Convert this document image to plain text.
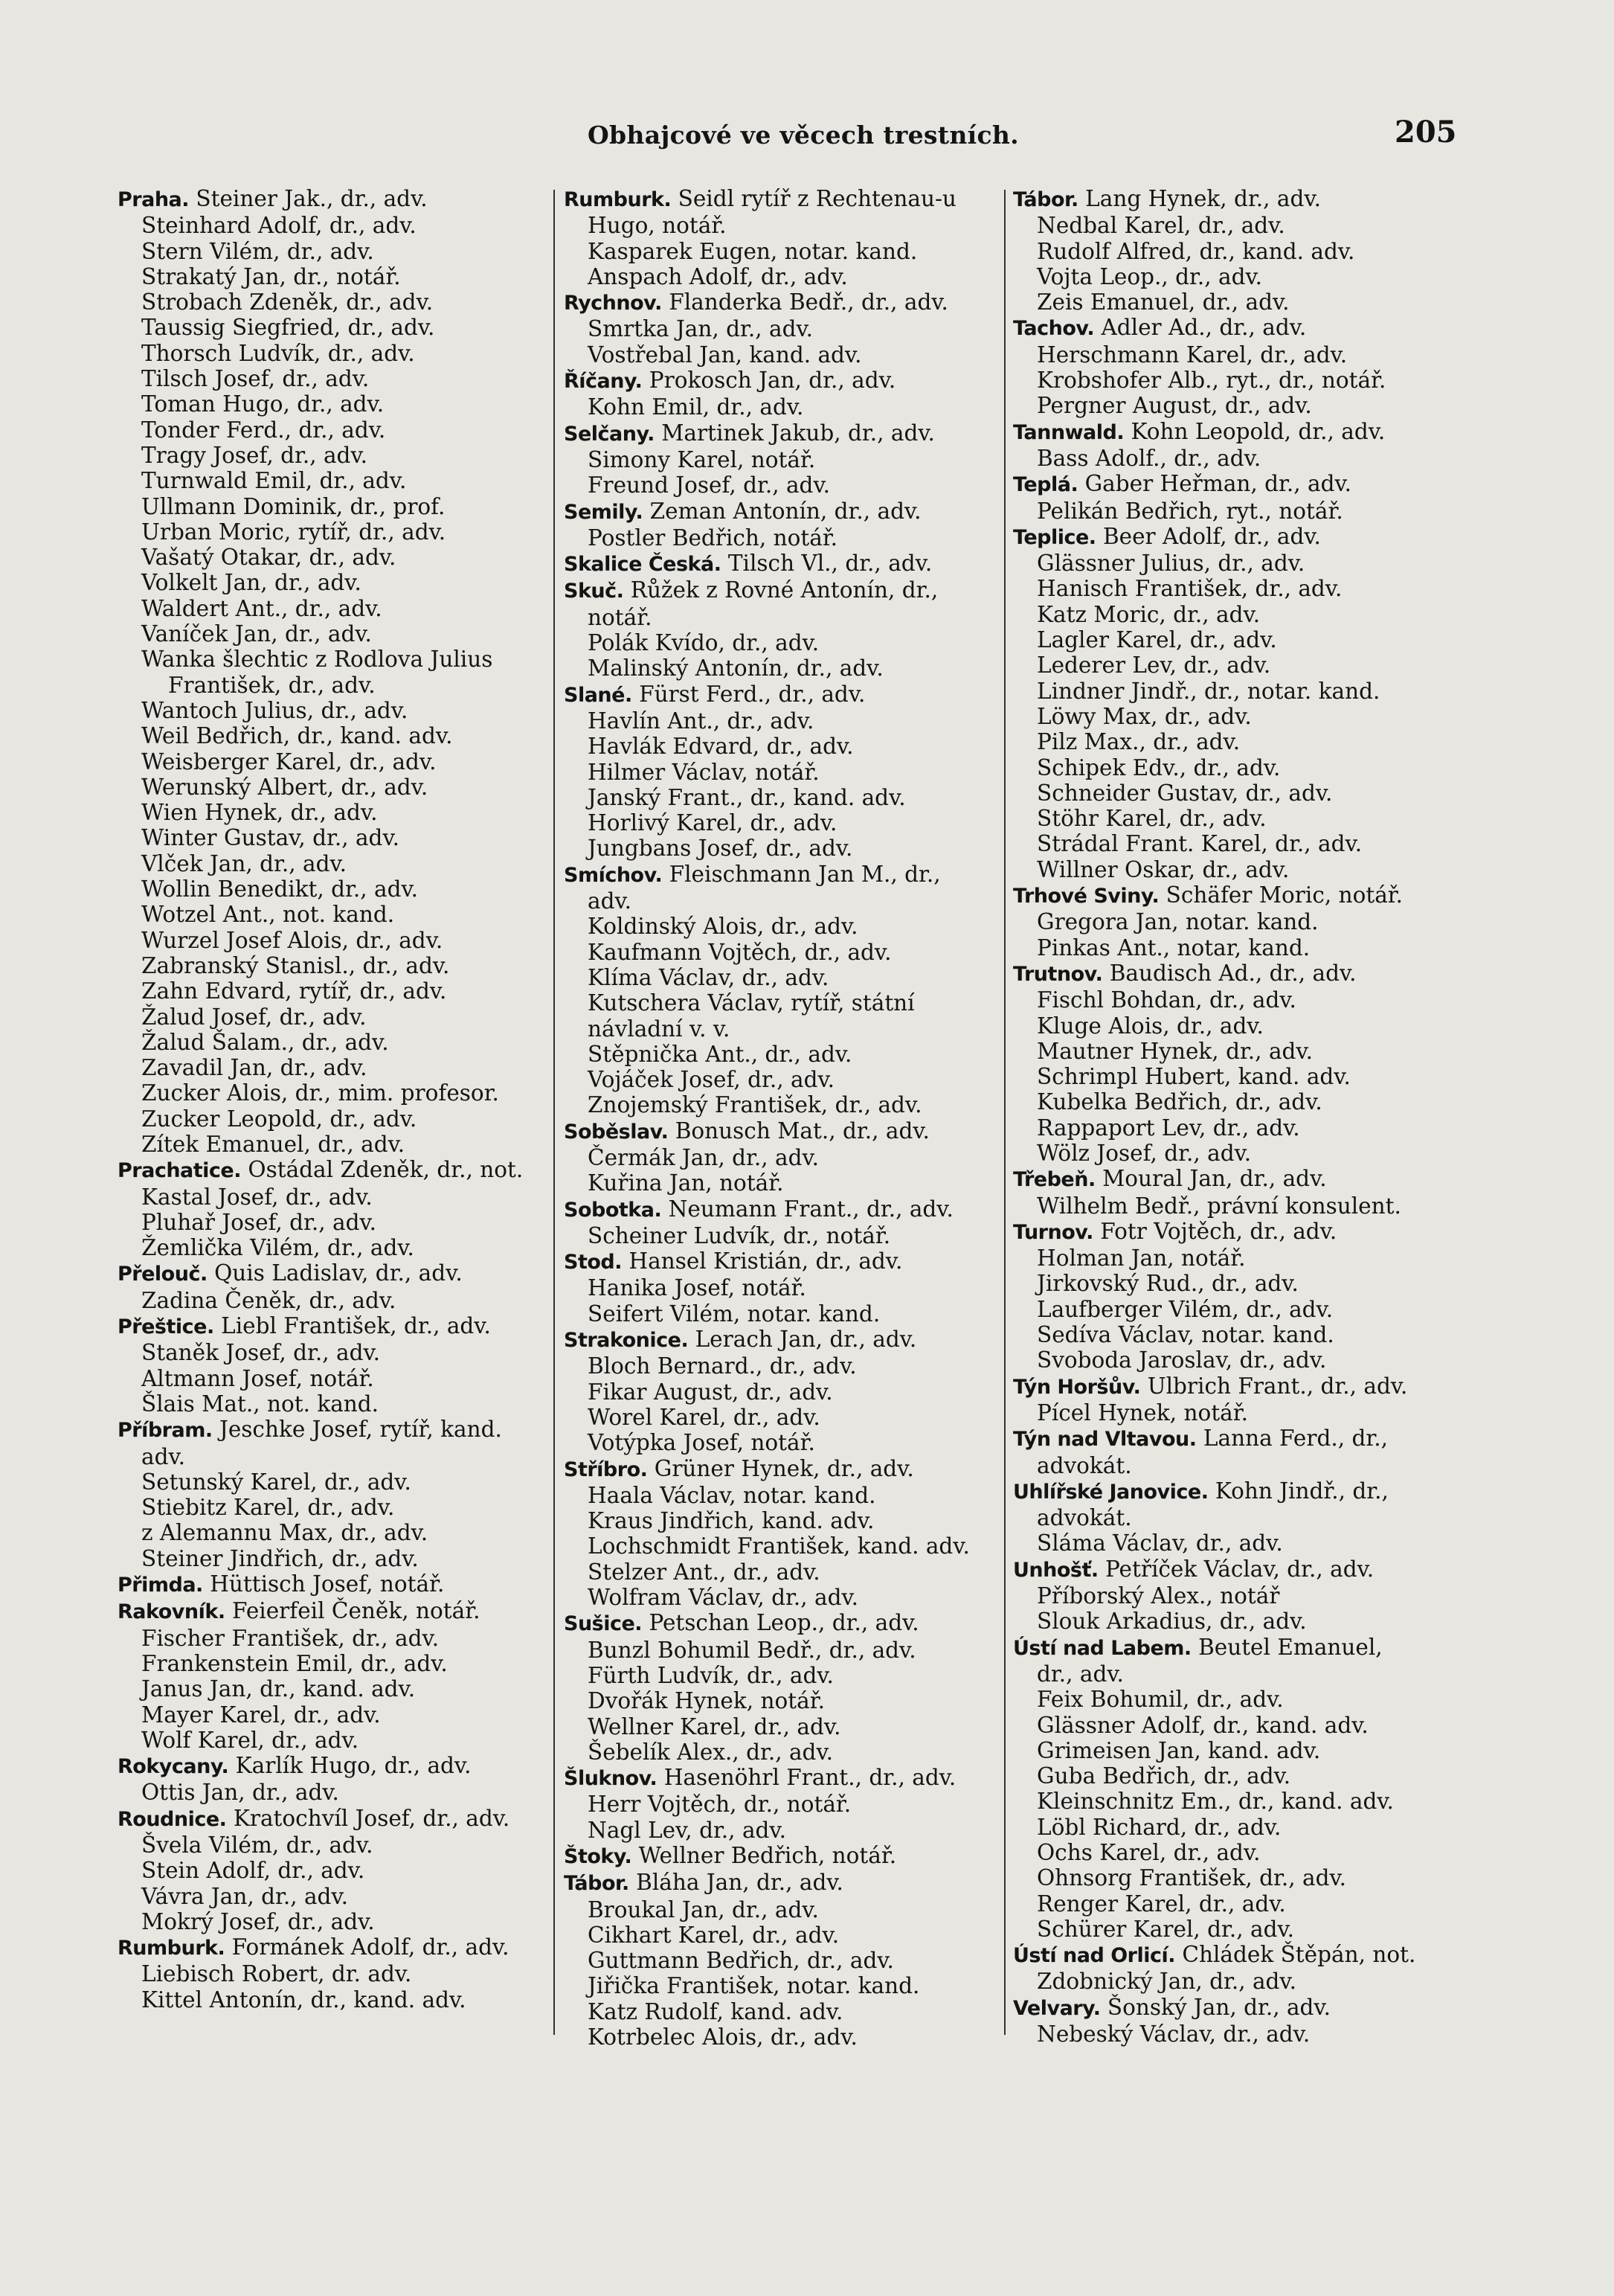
Obhajcové ve věcech trestních.	205
Praha. Steiner Jak., dr., adv.
Steinhard Adolf, dr., adv.
Stern Vilém, dr., adv.
Strakatý Jan, dr., notář.
Strobach Zdeněk, dr., adv.
Taussig Siegfried, dr., adv.
Thorsch Ludvík, dr., adv.
Tilsch Josef, dr., adv.
Toman Hugo, dr., adv.
Tonder Ferd., dr., adv.
Tragy Josef, dr., adv.
Turnwald Emil, dr., adv.
Ullmann Dominik, dr., prof.
Urban Moric, rytíř, dr., adv.
Vašatý Otakar, dr., adv.
Volkelt Jan, dr., adv.
Waldert Ant., dr., adv.
Vaníček Jan, dr., adv.
Wanka šlechtic z Rodlova Julius
František, dr., adv.
Wantoch Julius, dr., adv.
Weil Bedřich, dr., kand. adv.
Weisberger Karel, dr., adv.
Werunský Albert, dr., adv.
Wien Hynek, dr., adv.
Winter Gustav, dr., adv.
Vlček Jan, dr., adv.
Wollin Benedikt, dr., adv.
Wotzel Ant., not. kand.
Wurzel Josef Alois, dr., adv.
Zabranský Stanisl., dr., adv.
Zahn Edvard, rytíř, dr., adv.
Žalud Josef, dr., adv.
Žalud Šalam., dr., adv.
Zavadil Jan, dr., adv.
Zucker Alois, dr., mim. profesor.
Zucker Leopold, dr., adv.
Zítek Emanuel, dr., adv.
Prachatice. Ostádal Zdeněk, dr., not.
Kastal Josef, dr., adv.
Pluhař Josef, dr., adv.
Žemlička Vilém, dr., adv.
Přelouč. Quis Ladislav, dr., adv.
Zadina Čeněk, dr., adv.
Přeštice. Liebl František, dr., adv.
Staněk Josef, dr., adv.
Altmann Josef, notář.
Šlais Mat., not. kand.
Příbram. Jeschke Josef, rytíř, kand.
adv.
Setunský Karel, dr., adv.
Stiebitz Karel, dr., adv.
z Alemannu Max, dr., adv.
Steiner Jindřich, dr., adv.
Přimda. Hüttisch Josef, notář.
Rakovník. Feierfeil Čeněk, notář.
Fischer František, dr., adv.
Frankenstein Emil, dr., adv.
Janus Jan, dr., kand. adv.
Mayer Karel, dr., adv.
Wolf Karel, dr., adv.
Rokycany. Karlík Hugo, dr., adv.
Ottis Jan, dr., adv.
Roudnice. Kratochvíl Josef, dr., adv.
Švela Vilém, dr., adv.
Stein Adolf, dr., adv.
Vávra Jan, dr., adv.
Mokrý Josef, dr., adv.
Rumburk. Formánek Adolf, dr., adv.
Liebisch Robert, dr. adv.
Kittel Antonín, dr., kand. adv.
Rumburk. Seidl rytíř z Rechtenau-u
Hugo, notář.
Kasparek Eugen, notar. kand.
Anspach Adolf, dr., adv.
Rychnov. Flanderka Bedř., dr., adv.
Smrtka Jan, dr., adv.
Vostřebal Jan, kand. adv.
Říčany. Prokosch Jan, dr., adv.
Kohn Emil, dr., adv.
Selčany. Martinek Jakub, dr., adv.
Simony Karel, notář.
Freund Josef, dr., adv.
Semily. Zeman Antonín, dr., adv.
Postler Bedřich, notář.
Skalice Česká. Tilsch Vl., dr., adv.
Skuč. Růžek z Rovné Antonín, dr.,
notář.
Polák Kvído, dr., adv.
Malinský Antonín, dr., adv.
Slané. Fürst Ferd., dr., adv.
Havlín Ant., dr., adv.
Havlák Edvard, dr., adv.
Hilmer Václav, notář.
Janský Frant., dr., kand. adv.
Horlivý Karel, dr., adv.
Jungbans Josef, dr., adv.
Smíchov. Fleischmann Jan M., dr.,
adv.
Koldinský Alois, dr., adv.
Kaufmann Vojtěch, dr., adv.
Klíma Václav, dr., adv.
Kutschera Václav, rytíř, státní
návladní v. v.
Stěpnička Ant., dr., adv.
Vojáček Josef, dr., adv.
Znojemský František, dr., adv.
Soběslav. Bonusch Mat., dr., adv.
Čermák Jan, dr., adv.
Kuřina Jan, notář.
Sobotka. Neumann Frant., dr., adv.
Scheiner Ludvík, dr., notář.
Stod. Hansel Kristián, dr., adv.
Hanika Josef, notář.
Seifert Vilém, notar. kand.
Strakonice. Lerach Jan, dr., adv.
Bloch Bernard., dr., adv.
Fikar August, dr., adv.
Worel Karel, dr., adv.
Votýpka Josef, notář.
Stříbro. Grüner Hynek, dr., adv.
Haala Václav, notar. kand.
Kraus Jindřich, kand. adv.
Lochschmidt František, kand. adv.
Stelzer Ant., dr., adv.
Wolfram Václav, dr., adv.
Sušice. Petschan Leop., dr., adv.
Bunzl Bohumil Bedř., dr., adv.
Fürth Ludvík, dr., adv.
Dvořák Hynek, notář.
Wellner Karel, dr., adv.
Šebelík Alex., dr., adv.
Šluknov. Hasenöhrl Frant., dr., adv.
Herr Vojtěch, dr., notář.
Nagl Lev, dr., adv.
Štoky. Wellner Bedřich, notář.
Tábor. Bláha Jan, dr., adv.
Broukal Jan, dr., adv.
Cikhart Karel, dr., adv.
Guttmann Bedřich, dr., adv.
Jiřička František, notar. kand.
Katz Rudolf, kand. adv.
Kotrbelec Alois, dr., adv.
Tábor. Lang Hynek, dr., adv.
Nedbal Karel, dr., adv.
Rudolf Alfred, dr., kand. adv.
Vojta Leop., dr., adv.
Zeis Emanuel, dr., adv.
Tachov. Adler Ad., dr., adv.
Herschmann Karel, dr., adv.
Krobshofer Alb., ryt., dr., notář.
Pergner August, dr., adv.
Tannwald. Kohn Leopold, dr., adv.
Bass Adolf., dr., adv.
Teplá. Gaber Heřman, dr., adv.
Pelikán Bedřich, ryt., notář.
Teplice. Beer Adolf, dr., adv.
Glässner Julius, dr., adv.
Hanisch František, dr., adv.
Katz Moric, dr., adv.
Lagler Karel, dr., adv.
Lederer Lev, dr., adv.
Lindner Jindř., dr., notar. kand.
Löwy Max, dr., adv.
Pilz Max., dr., adv.
Schipek Edv., dr., adv.
Schneider Gustav, dr., adv.
Stöhr Karel, dr., adv.
Strádal Frant. Karel, dr., adv.
Willner Oskar, dr., adv.
Trhové Sviny. Schäfer Moric, notář.
Gregora Jan, notar. kand.
Pinkas Ant., notar, kand.
Trutnov. Baudisch Ad., dr., adv.
Fischl Bohdan, dr., adv.
Kluge Alois, dr., adv.
Mautner Hynek, dr., adv.
Schrimpl Hubert, kand. adv.
Kubelka Bedřich, dr., adv.
Rappaport Lev, dr., adv.
Wölz Josef, dr., adv.
Třebeň. Moural Jan, dr., adv.
Wilhelm Bedř., právní konsulent.
Turnov. Fotr Vojtěch, dr., adv.
Holman Jan, notář.
Jirkovský Rud., dr., adv.
Laufberger Vilém, dr., adv.
Sedíva Václav, notar. kand.
Svoboda Jaroslav, dr., adv.
Týn Horšův. Ulbrich Frant., dr., adv.
Pícel Hynek, notář.
Týn nad Vltavou. Lanna Ferd., dr.,
advokát.
Uhlířské Janovice. Kohn Jindř., dr.,
advokát.
Sláma Václav, dr., adv.
Unhošť. Petříček Václav, dr., adv.
Příborský Alex., notář
Slouk Arkadius, dr., adv.
Ústí nad Labem. Beutel Emanuel,
dr., adv.
Feix Bohumil, dr., adv.
Glässner Adolf, dr., kand. adv.
Grimeisen Jan, kand. adv.
Guba Bedřich, dr., adv.
Kleinschnitz Em., dr., kand. adv.
Löbl Richard, dr., adv.
Ochs Karel, dr., adv.
Ohnsorg František, dr., adv.
Renger Karel, dr., adv.
Schürer Karel, dr., adv.
Ústí nad Orlicí. Chládek Štěpán, not.
Zdobnický Jan, dr., adv.
Velvary. Šonský Jan, dr., adv.
Nebeský Václav, dr., adv.
